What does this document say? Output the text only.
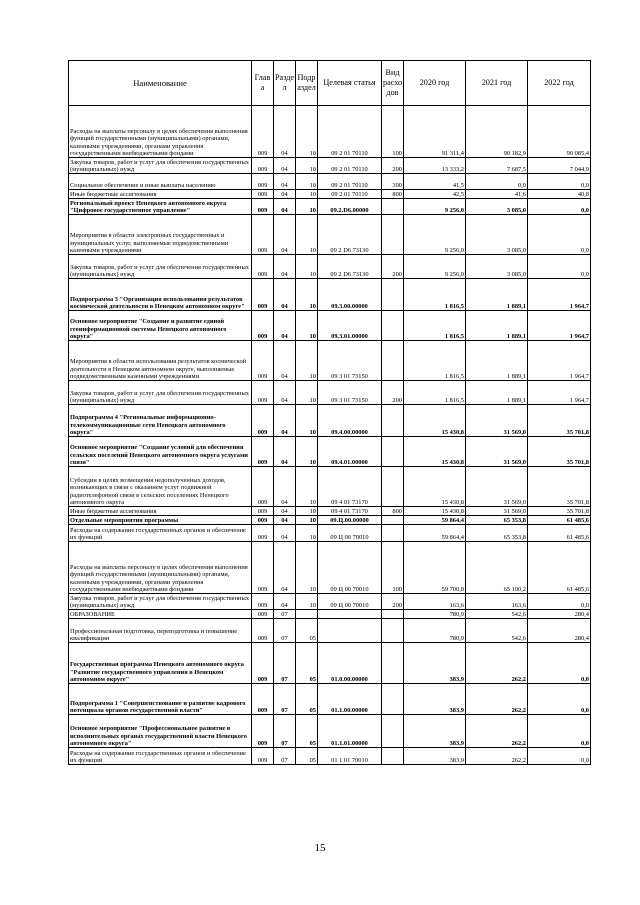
Наименование	Глав а	Разде л	Подр аздел	Целевая статья	Вид расхо дов	2020 год	2021 год	2022 год
Расходы на выплаты персоналу в целях обеспечения выполнения функций государственными (муниципальными) органами, казенными учреждениями, органами управления государственными внебюджетными фондами	009	04	10	09 2 01 70110	100	91 311,4	90 182,9	90 085,4
Закупка товаров, работ и услуг для обеспечения государственных (муниципальных) нужд	009	04	10	09 2 01 70110	200	13 333,2	7 687,5	7 044,9
Социальное обеспечение и иные выплаты населению	009	04	10	09 2 01 70110	300	41,5	0,0	0,0
Иные бюджетные ассигнования	009	04	10	09 2 01 70110	800	42,5	41,6	40,8
Региональный проект Ненецкого автономного округа "Цифровое государственное управление"	009	04	10	09.2.D6.00000		9 256,0	3 085,0	0,0
Мероприятия в области электронных государственных и муниципальных услуг, выполняемые подведомственными казенными учреждениями	009	04	10	09 2 D6 73130		9 256,0	3 085,0	0,0
Закупка товаров, работ и услуг для обеспечения государственных (муниципальных) нужд	009	04	10	09 2 D6 73130	200	9 256,0	3 085,0	0,0
Подпрограмма 3 "Организация использования результатов космической деятельности в Ненецком автономном округе"	009	04	10	09.3.00.00000		1 816,5	1 889,1	1 964,7
Основное мероприятие "Создание и развитие единой геоинформационной системы Ненецкого автономного округа"	009	04	10	09.3.01.00000		1 816,5	1 889,1	1 964,7
Мероприятия в области использования результатов космической деятельности в Ненецком автономном округе, выполняемые подведомственными казенными учреждениями	009	04	10	09 3 01 73150		1 816,5	1 889,1	1 964,7
Закупка товаров, работ и услуг для обеспечения государственных (муниципальных) нужд	009	04	10	09 3 01 73150	200	1 816,5	1 889,1	1 964,7
Подпрограмма 4 "Региональные информационно-телекоммуникационные сети Ненецкого автономного округа"	009	04	10	09.4.00.00000		15 430,8	31 569,0	35 701,8
Основное мероприятие "Создание условий для обеспечения сельских поселений Ненецкого автономного округа услугами связи"	009	04	10	09.4.01.00000		15 430,8	31 569,0	35 701,8
Субсидии в целях возмещения недополученных доходов, возникающих в связи с оказанием услуг подвижной радиотелефонной связи в сельских поселениях Ненецкого автономного округа	009	04	10	09 4 01 73170		15 430,8	31 569,0	35 701,8
Иные бюджетные ассигнования	009	04	10	09 4 01 73170	800	15 430,8	31 569,0	35 701,8
Отдельные мероприятия программы	009	04	10	09.Ц.00.00000		59 864,4	65 353,8	61 485,6
Расходы на содержание государственных органов и обеспечение их функций	009	04	10	09 Ц 00 70010		59 864,4	65 353,8	61 485,6
Расходы на выплаты персоналу в целях обеспечения выполнения функций государственными (муниципальными) органами, казенными учреждениями, органами управления государственными внебюджетными фондами	009	04	10	09 Ц 00 70010	100	59 700,8	65 190,2	61 485,6
Закупка товаров, работ и услуг для обеспечения государственных (муниципальных) нужд	009	04	10	09 Ц 00 70010	200	163,6	163,6	0,0
ОБРАЗОВАНИЕ	009	07				780,9	542,6	280,4
Профессиональная подготовка, переподготовка и повышение квалификации	009	07	05			780,9	542,6	280,4
Государственная программа Ненецкого автономного округа "Развитие государственного управления в Ненецком автономном округе"	009	07	05	01.0.00.00000		383,9	262,2	0,0
Подпрограмма 1 "Совершенствование и развитие кадрового потенциала органов государственной власти"	009	07	05	01.1.00.00000		383,9	262,2	0,0
Основное мероприятие "Профессиональное развитие в исполнительных органах государственной власти Ненецкого автономного округа"	009	07	05	01.1.01.00000		383,9	262,2	0,0
Расходы на содержание государственных органов и обеспечение их функций	009	07	05	01 1 01 70010		383,9	262,2	0,0
15
